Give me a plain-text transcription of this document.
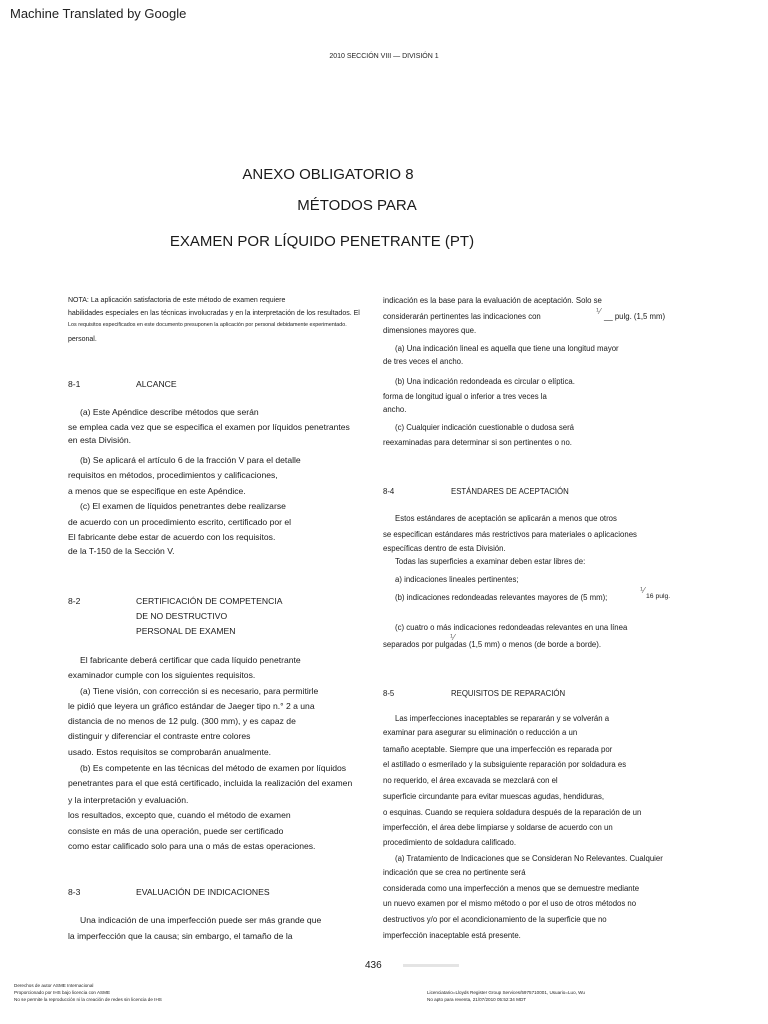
Machine Translated by Google
2010 SECCIÓN VIII — DIVISIÓN 1
ANEXO OBLIGATORIO 8
MÉTODOS PARA
EXAMEN POR LÍQUIDO PENETRANTE (PT)
NOTA: La aplicación satisfactoria de este método de examen requiere
habilidades especiales en las técnicas involucradas y en la interpretación de los resultados. El
Los requisitos especificados en este documento presuponen la aplicación por personal debidamente experimentado.
personal.
8-1	ALCANCE
(a) Este Apéndice describe métodos que serán
se emplea cada vez que se especifica el examen por líquidos penetrantes
en esta División.
(b) Se aplicará el artículo 6 de la fracción V para el detalle
requisitos en métodos, procedimientos y calificaciones,
a menos que se especifique en este Apéndice.
(c) El examen de líquidos penetrantes debe realizarse
de acuerdo con un procedimiento escrito, certificado por el
El fabricante debe estar de acuerdo con los requisitos.
de la T-150 de la Sección V.
8-2	CERTIFICACIÓN DE COMPETENCIA
DE NO DESTRUCTIVO
PERSONAL DE EXAMEN
El fabricante deberá certificar que cada líquido penetrante
examinador cumple con los siguientes requisitos.
(a) Tiene visión, con corrección si es necesario, para permitirle
le pidió que leyera un gráfico estándar de Jaeger tipo n.° 2 a una
distancia de no menos de 12 pulg. (300 mm), y es capaz de
distinguir y diferenciar el contraste entre colores
usado. Estos requisitos se comprobarán anualmente.
(b) Es competente en las técnicas del método de examen por líquidos
penetrantes para el que está certificado, incluida la realización del examen
y la interpretación y evaluación.
los resultados, excepto que, cuando el método de examen
consiste en más de una operación, puede ser certificado
como estar calificado solo para una o más de estas operaciones.
8-3	EVALUACIÓN DE INDICACIONES
Una indicación de una imperfección puede ser más grande que
la imperfección que la causa; sin embargo, el tamaño de la
indicación es la base para la evaluación de aceptación. Solo se
considerarán pertinentes las indicaciones con
⅟
__ pulg. (1,5 mm)
dimensiones mayores que.
(a) Una indicación lineal es aquella que tiene una longitud mayor
de tres veces el ancho.
(b) Una indicación redondeada es circular o elíptica.
forma de longitud igual o inferior a tres veces la
ancho.
(c) Cualquier indicación cuestionable o dudosa será
reexaminadas para determinar si son pertinentes o no.
8-4	ESTÁNDARES DE ACEPTACIÓN
Estos estándares de aceptación se aplicarán a menos que otros
se especifican estándares más restrictivos para materiales o aplicaciones
específicas dentro de esta División.
Todas las superficies a examinar deben estar libres de:
a) indicaciones lineales pertinentes;
(b) indicaciones redondeadas relevantes mayores de (5 mm);
⅟
16 pulg.
(c) cuatro o más indicaciones redondeadas relevantes en una línea
⅟
separados por pulgadas (1,5 mm) o menos (de borde a borde).
8-5	REQUISITOS DE REPARACIÓN
Las imperfecciones inaceptables se repararán y se volverán a
examinar para asegurar su eliminación o reducción a un
tamaño aceptable. Siempre que una imperfección es reparada por
el astillado o esmerilado y la subsiguiente reparación por soldadura es
no requerido, el área excavada se mezclará con el
superficie circundante para evitar muescas agudas, hendiduras,
o esquinas. Cuando se requiera soldadura después de la reparación de un
imperfección, el área debe limpiarse y soldarse de acuerdo con un
procedimiento de soldadura calificado.
(a) Tratamiento de Indicaciones que se Consideran No Relevantes. Cualquier
indicación que se crea no pertinente será
considerada como una imperfección a menos que se demuestre mediante
un nuevo examen por el mismo método o por el uso de otros métodos no
destructivos y/o por el acondicionamiento de la superficie que no
imperfección inaceptable está presente.
436
Derechos de autor ASME Internacional
Proporcionado por IHS bajo licencia con ASME
No se permite la reproducción ni la creación de redes sin licencia de IHS
Licenciatario=Lloyds Register Group Services/5975710001, Usuario=Luo, Wu
No apto para reventa, 21/07/2010 05:52:34 MDT
